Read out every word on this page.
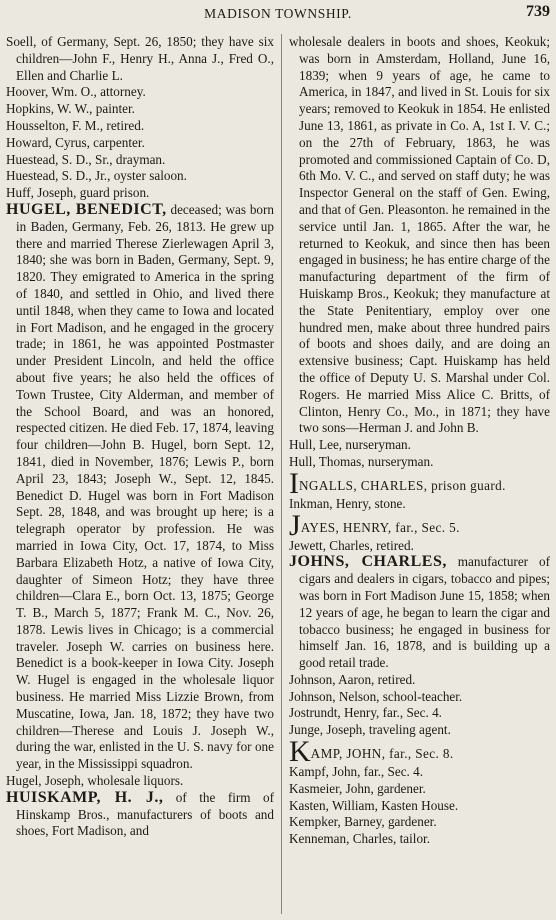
MADISON TOWNSHIP.	739

Soell, of Germany, Sept. 26, 1850; they have six children—John F., Henry H., Anna J., Fred O., Ellen and Charlie L.

Hoover, Wm. O., attorney.

Hopkins, W. W., painter.

Housselton, F. M., retired.

Howard, Cyrus, carpenter.

Huestead, S. D., Sr., drayman.

Huestead, S. D., Jr., oyster saloon.

Huff, Joseph, guard prison.

HUGEL, BENEDICT, deceased; was born in Baden, Germany, Feb. 26, 1813. He grew up there and married Therese Zierlewagen April 3, 1840; she was born in Baden, Germany, Sept. 9, 1820. They emigrated to America in the spring of 1840, and settled in Ohio, and lived there until 1848, when they came to Iowa and located in Fort Madison, and he engaged in the grocery trade; in 1861, he was appointed Postmaster under President Lincoln, and held the office about five years; he also held the offices of Town Trustee, City Alderman, and member of the School Board, and was an honored, respected citizen. He died Feb. 17, 1874, leaving four children—John B. Hugel, born Sept. 12, 1841, died in November, 1876; Lewis P., born April 23, 1843; Joseph W., Sept. 12, 1845. Benedict D. Hugel was born in Fort Madison Sept. 28, 1848, and was brought up here; is a telegraph operator by profession. He was married in Iowa City, Oct. 17, 1874, to Miss Barbara Elizabeth Hotz, a native of Iowa City, daughter of Simeon Hotz; they have three children—Clara E., born Oct. 13, 1875; George T. B., March 5, 1877; Frank M. C., Nov. 26, 1878. Lewis lives in Chicago; is a commercial traveler. Joseph W. carries on business here. Benedict is a book-keeper in Iowa City. Joseph W. Hugel is engaged in the wholesale liquor business. He married Miss Lizzie Brown, from Muscatine, Iowa, Jan. 18, 1872; they have two children—Therese and Louis J. Joseph W., during the war, enlisted in the U. S. navy for one year, in the Mississippi squadron.

Hugel, Joseph, wholesale liquors.

HUISKAMP, H. J., of the firm of Hinskamp Bros., manufacturers of boots and shoes, Fort Madison, and

wholesale dealers in boots and shoes, Keokuk; was born in Amsterdam, Holland, June 16, 1839; when 9 years of age, he came to America, in 1847, and lived in St. Louis for six years; removed to Keokuk in 1854. He enlisted June 13, 1861, as private in Co. A, 1st I. V. C.; on the 27th of February, 1863, he was promoted and commissioned Captain of Co. D, 6th Mo. V. C., and served on staff duty; he was Inspector General on the staff of Gen. Ewing, and that of Gen. Pleasonton. he remained in the service until Jan. 1, 1865. After the war, he returned to Keokuk, and since then has been engaged in business; he has entire charge of the manufacturing department of the firm of Huiskamp Bros., Keokuk; they manufacture at the State Penitentiary, employ over one hundred men, make about three hundred pairs of boots and shoes daily, and are doing an extensive business; Capt. Huiskamp has held the office of Deputy U. S. Marshal under Col. Rogers. He married Miss Alice C. Britts, of Clinton, Henry Co., Mo., in 1871; they have two sons—Herman J. and John B.

Hull, Lee, nurseryman.

Hull, Thomas, nurseryman.

I NGALLS, CHARLES, prison guard.

Inkman, Henry, stone.

J AYES, HENRY, far., Sec. 5.

Jewett, Charles, retired.

JOHNS, CHARLES, manufacturer of cigars and dealers in cigars, tobacco and pipes; was born in Fort Madison June 15, 1858; when 12 years of age, he began to learn the cigar and tobacco business; he engaged in business for himself Jan. 16, 1878, and is building up a good retail trade.

Johnson, Aaron, retired.

Johnson, Nelson, school-teacher.

Jostrundt, Henry, far., Sec. 4.

Junge, Joseph, traveling agent.

K AMP, JOHN, far., Sec. 8.

Kampf, John, far., Sec. 4.

Kasmeier, John, gardener.

Kasten, William, Kasten House.

Kempker, Barney, gardener.

Kenneman, Charles, tailor.
